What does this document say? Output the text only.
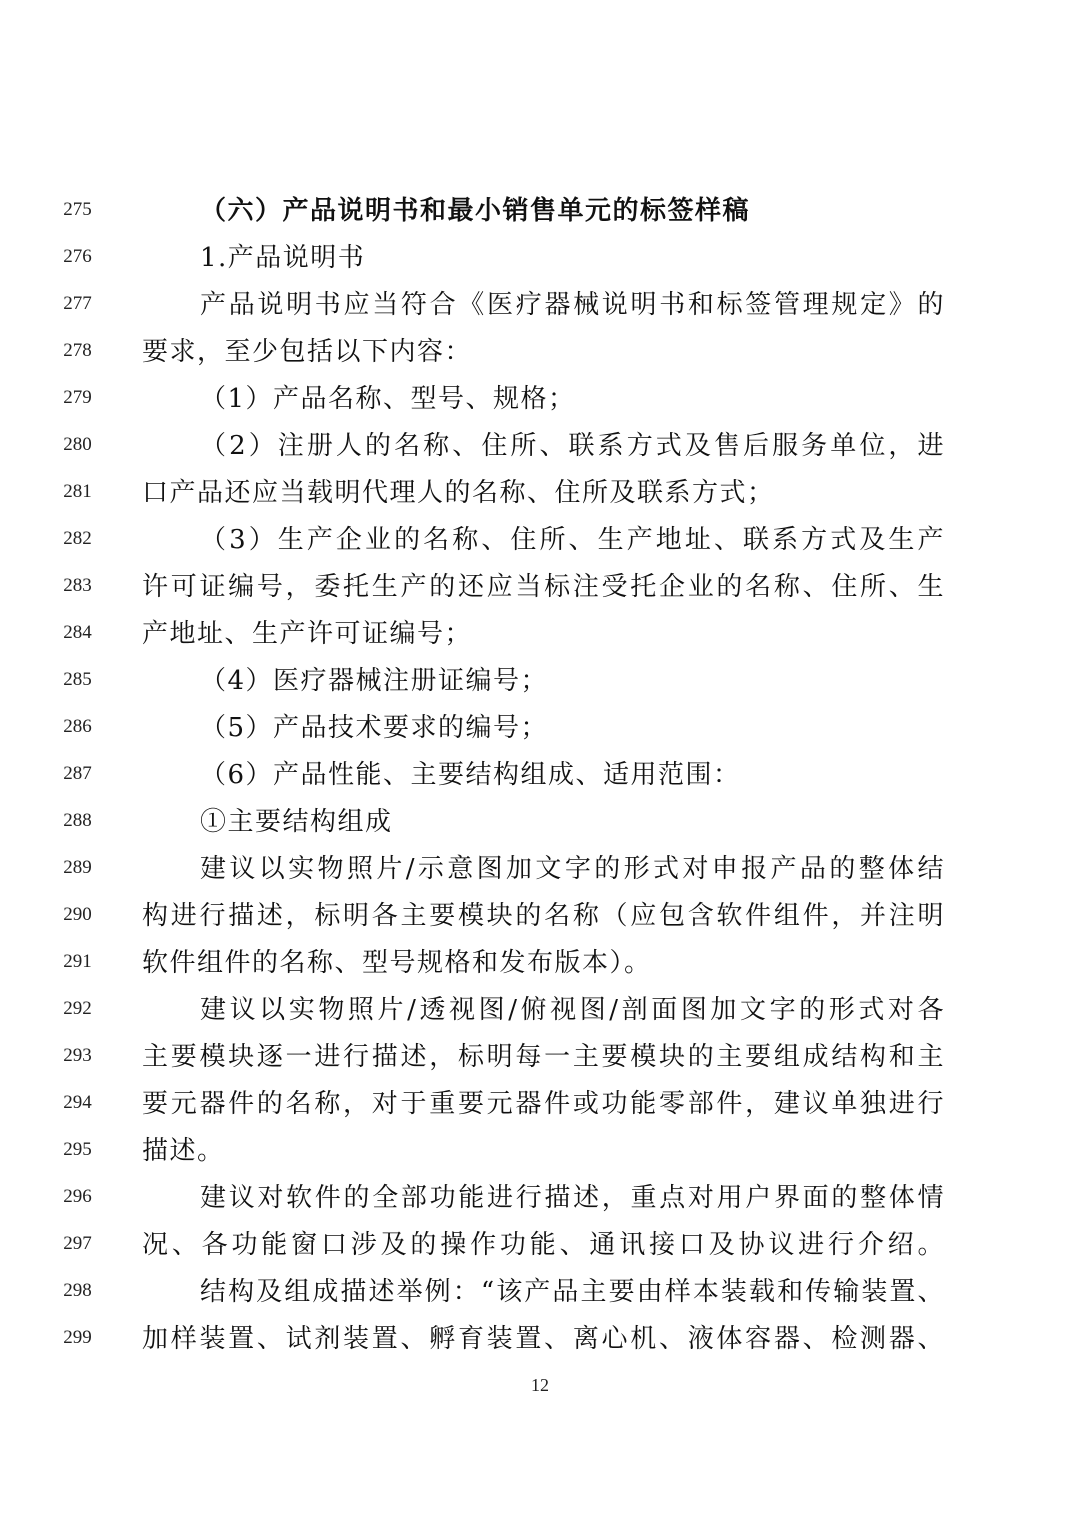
275	（六）产品说明书和最小销售单元的标签样稿
276	1.产品说明书
277	产品说明书应当符合《医疗器械说明书和标签管理规定》的
278	要求，至少包括以下内容：
279	（1）产品名称、型号、规格；
280	（2）注册人的名称、住所、联系方式及售后服务单位，进
281	口产品还应当载明代理人的名称、住所及联系方式；
282	（3）生产企业的名称、住所、生产地址、联系方式及生产
283	许可证编号，委托生产的还应当标注受托企业的名称、住所、生
284	产地址、生产许可证编号；
285	（4）医疗器械注册证编号；
286	（5）产品技术要求的编号；
287	（6）产品性能、主要结构组成、适用范围：
288	①主要结构组成
289	建议以实物照片/示意图加文字的形式对申报产品的整体结
290	构进行描述，标明各主要模块的名称（应包含软件组件，并注明
291	软件组件的名称、型号规格和发布版本）。
292	建议以实物照片/透视图/俯视图/剖面图加文字的形式对各
293	主要模块逐一进行描述，标明每一主要模块的主要组成结构和主
294	要元器件的名称，对于重要元器件或功能零部件，建议单独进行
295	描述。
296	建议对软件的全部功能进行描述，重点对用户界面的整体情
297	况、各功能窗口涉及的操作功能、通讯接口及协议进行介绍。
298	结构及组成描述举例：“该产品主要由样本装载和传输装置、
299	加样装置、试剂装置、孵育装置、离心机、液体容器、检测器、
12
